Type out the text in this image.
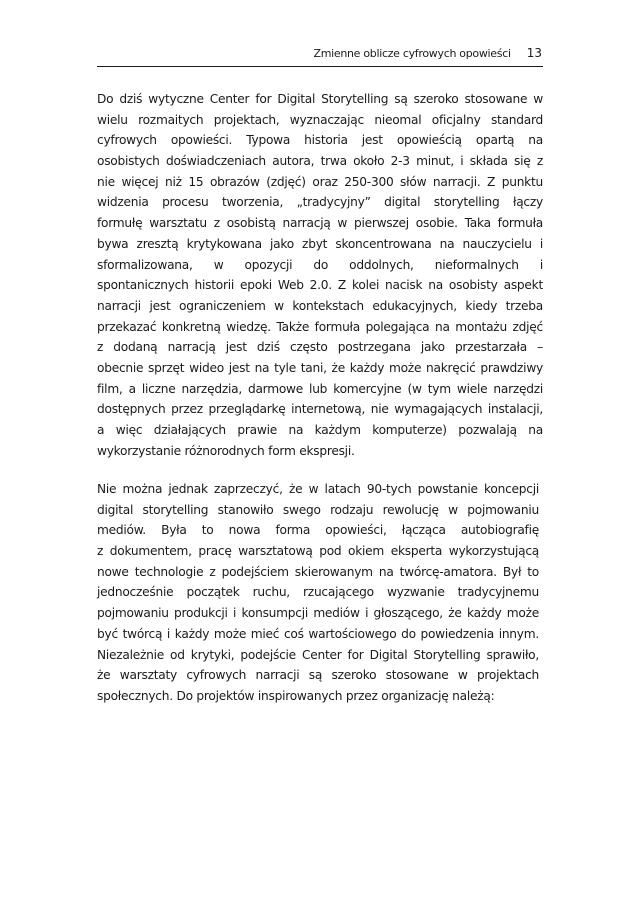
Zmienne oblicze cyfrowych opowieści 13
Do dziś wytyczne Center for Digital Storytelling są szeroko stosowane w
wielu rozmaitych projektach, wyznaczając nieomal oficjalny standard
cyfrowych opowieści. Typowa historia jest opowieścią opartą na
osobistych doświadczeniach autora, trwa około 2-3 minut, i składa się z
nie więcej niż 15 obrazów (zdjęć) oraz 250-300 słów narracji. Z punktu
widzenia procesu tworzenia, „tradycyjny” digital storytelling łączy
formułę warsztatu z osobistą narracją w pierwszej osobie. Taka formuła
bywa zresztą krytykowana jako zbyt skoncentrowana na nauczycielu i
sformalizowana, w opozycji do oddolnych, nieformalnych i
spontanicznych historii epoki Web 2.0. Z kolei nacisk na osobisty aspekt
narracji jest ograniczeniem w kontekstach edukacyjnych, kiedy trzeba
przekazać konkretną wiedzę. Także formuła polegająca na montażu zdjęć
z dodaną narracją jest dziś często postrzegana jako przestarzała –
obecnie sprzęt wideo jest na tyle tani, że każdy może nakręcić prawdziwy
film, a liczne narzędzia, darmowe lub komercyjne (w tym wiele narzędzi
dostępnych przez przeglądarkę internetową, nie wymagających instalacji,
a więc działających prawie na każdym komputerze) pozwalają na
wykorzystanie różnorodnych form ekspresji.
Nie można jednak zaprzeczyć, że w latach 90-tych powstanie koncepcji
digital storytelling stanowiło swego rodzaju rewolucję w pojmowaniu
mediów. Była to nowa forma opowieści, łącząca autobiografię
z dokumentem, pracę warsztatową pod okiem eksperta wykorzystującą
nowe technologie z podejściem skierowanym na twórcę-amatora. Był to
jednocześnie początek ruchu, rzucającego wyzwanie tradycyjnemu
pojmowaniu produkcji i konsumpcji mediów i głoszącego, że każdy może
być twórcą i każdy może mieć coś wartościowego do powiedzenia innym.
Niezależnie od krytyki, podejście Center for Digital Storytelling sprawiło,
że warsztaty cyfrowych narracji są szeroko stosowane w projektach
społecznych. Do projektów inspirowanych przez organizację należą:
